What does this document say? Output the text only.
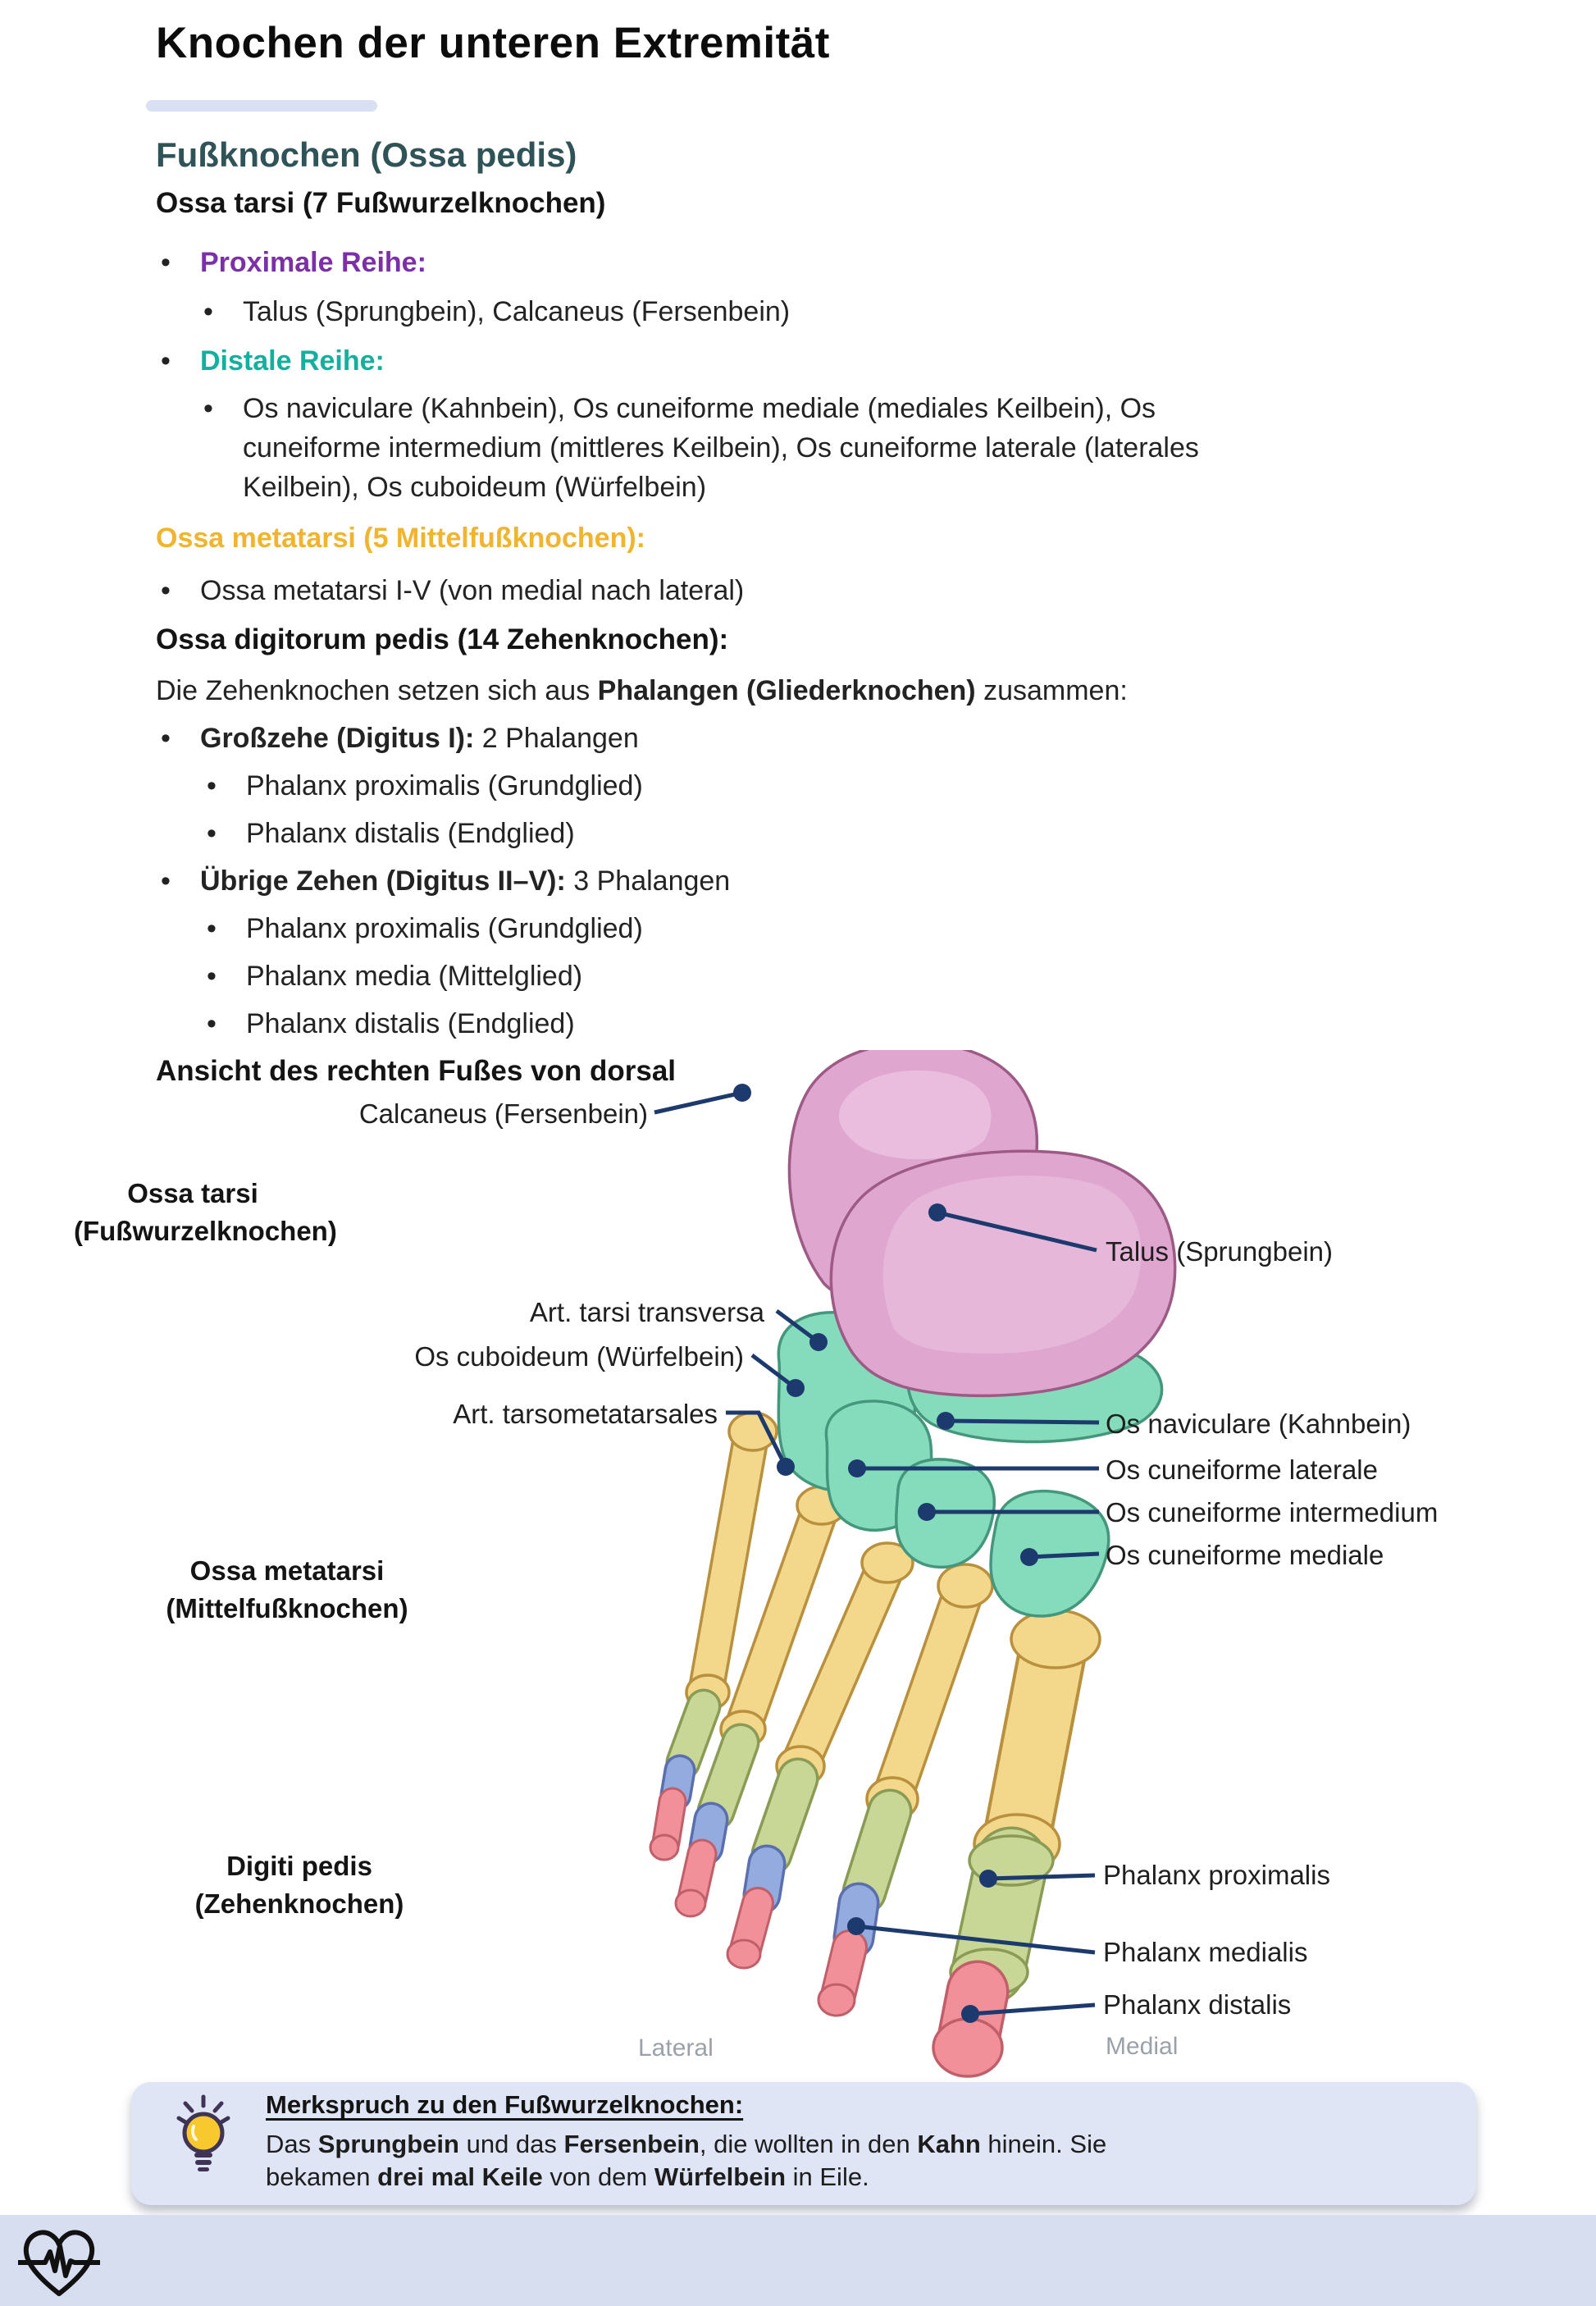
Knochen der unteren Extremität
Fußknochen (Ossa pedis)
Ossa tarsi (7 Fußwurzelknochen)
• Proximale Reihe:
• Talus (Sprungbein), Calcaneus (Fersenbein)
• Distale Reihe:
• Os naviculare (Kahnbein), Os cuneiforme mediale (mediales Keilbein), Os cuneiforme intermedium (mittleres Keilbein), Os cuneiforme laterale (laterales Keilbein), Os cuboideum (Würfelbein)
Ossa metatarsi (5 Mittelfußknochen):
• Ossa metatarsi I-V (von medial nach lateral)
Ossa digitorum pedis (14 Zehenknochen):
Die Zehenknochen setzen sich aus Phalangen (Gliederknochen) zusammen:
• Großzehe (Digitus I): 2 Phalangen
• Phalanx proximalis (Grundglied)
• Phalanx distalis (Endglied)
• Übrige Zehen (Digitus II–V): 3 Phalangen
• Phalanx proximalis (Grundglied)
• Phalanx media (Mittelglied)
• Phalanx distalis (Endglied)
Ansicht des rechten Fußes von dorsal
Calcaneus (Fersenbein)
Ossa tarsi
(Fußwurzelknochen)
Art. tarsi transversa
Os cuboideum (Würfelbein)
Art. tarsometatarsales
Ossa metatarsi
(Mittelfußknochen)
Digiti pedis
(Zehenknochen)
Talus (Sprungbein)
Os naviculare (Kahnbein)
Os cuneiforme laterale
Os cuneiforme intermedium
Os cuneiforme mediale
Phalanx proximalis
Phalanx medialis
Phalanx distalis
Lateral	Medial
Merkspruch zu den Fußwurzelknochen:
Das Sprungbein und das Fersenbein, die wollten in den Kahn hinein. Sie
bekamen drei mal Keile von dem Würfelbein in Eile.
